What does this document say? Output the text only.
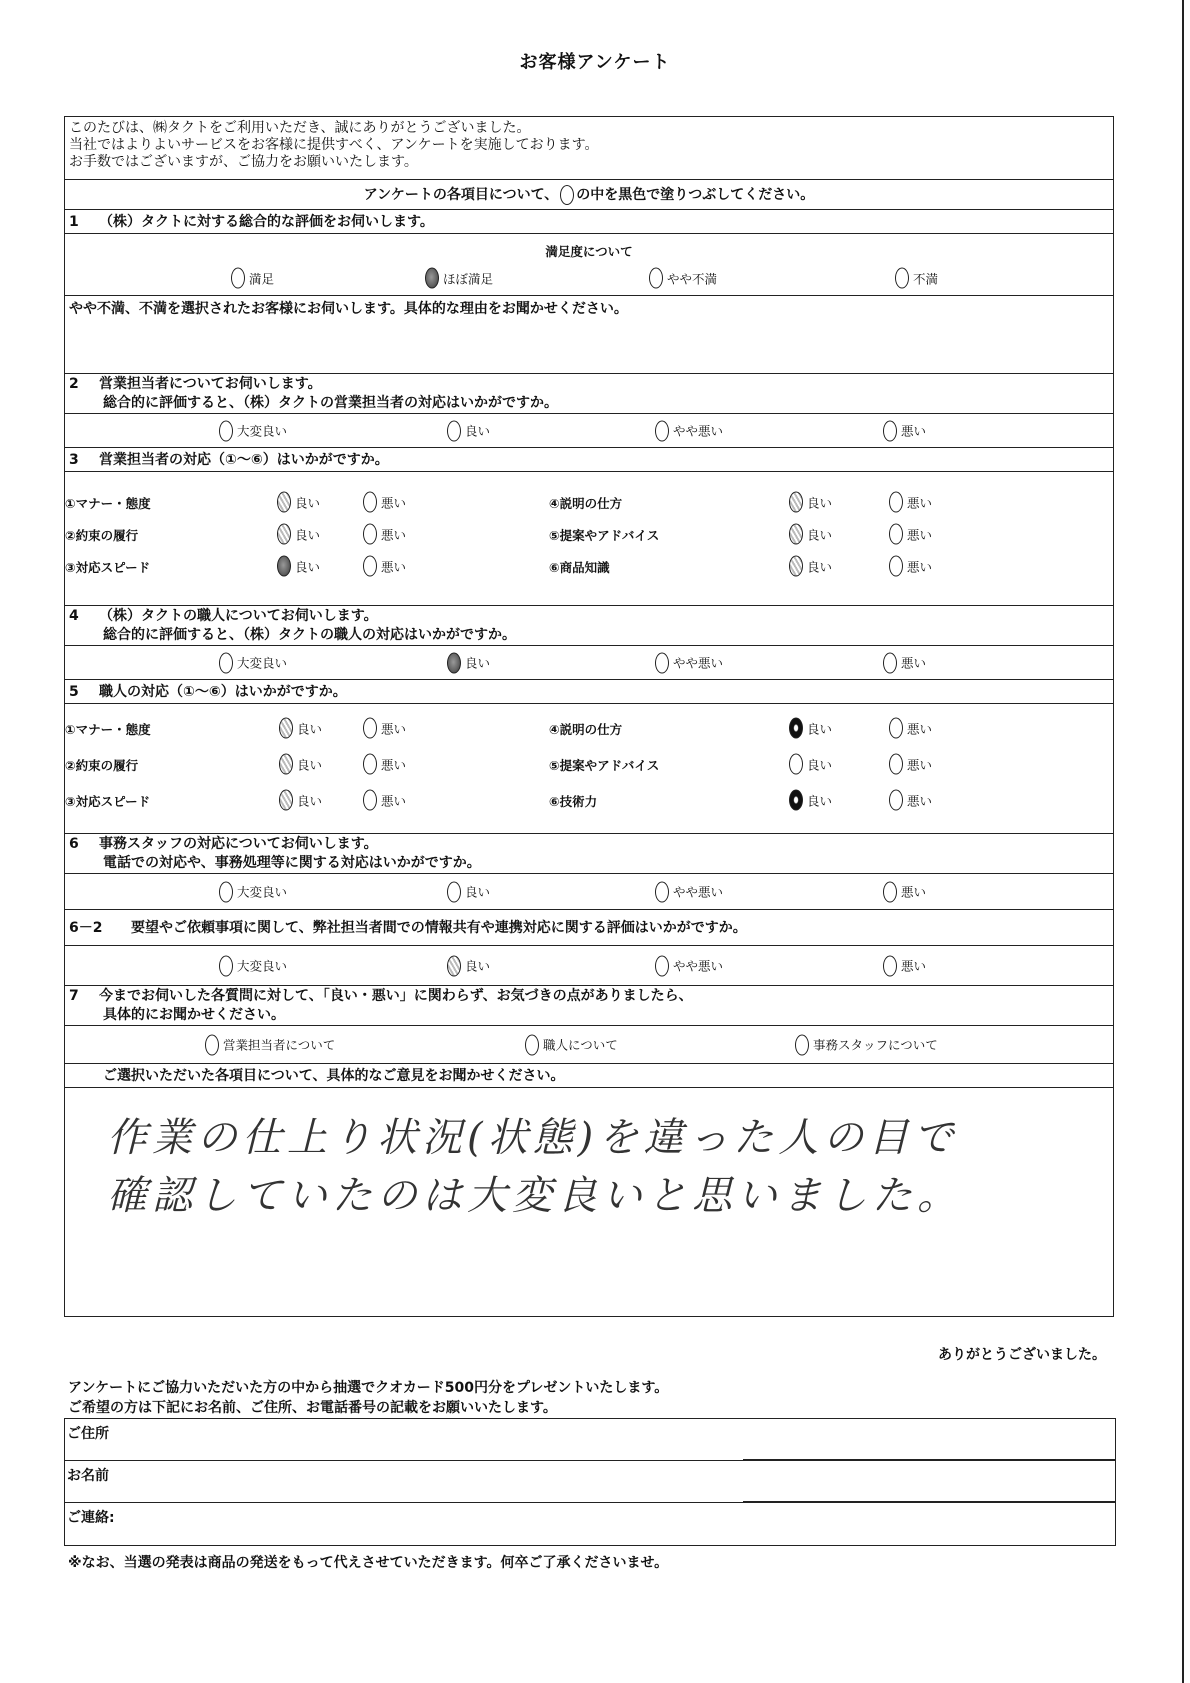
お客様アンケート
このたびは、㈱タクトをご利用いただき、誠にありがとうございました。
当社ではよりよいサービスをお客様に提供すべく、アンケートを実施しております。
お手数ではございますが、ご協力をお願いいたします。
アンケートの各項目について、 の中を黒色で塗りつぶしてください。
1 （株）タクトに対する総合的な評価をお伺いします。
満足度について
満足	ほぼ満足	やや不満	不満
やや不満、不満を選択されたお客様にお伺いします。具体的な理由をお聞かせください。
2 営業担当者についてお伺いします。
総合的に評価すると、（株）タクトの営業担当者の対応はいかがですか。
大変良い	良い	やや悪い	悪い
3 営業担当者の対応（①～⑥）はいかがですか。
①マナー・態度	良い	悪い
②約束の履行	良い	悪い
③対応スピード	良い	悪い
④説明の仕方	良い	悪い
⑤提案やアドバイス	良い	悪い
⑥商品知識	良い	悪い
4 （株）タクトの職人についてお伺いします。
総合的に評価すると、（株）タクトの職人の対応はいかがですか。
大変良い	良い	やや悪い	悪い
5 職人の対応（①～⑥）はいかがですか。
①マナー・態度	良い	悪い
②約束の履行	良い	悪い
③対応スピード	良い	悪い
④説明の仕方	良い	悪い
⑤提案やアドバイス	良い	悪い
⑥技術力	良い	悪い
6 事務スタッフの対応についてお伺いします。
電話での対応や、事務処理等に関する対応はいかがですか。
大変良い	良い	やや悪い	悪い
6－2 要望やご依頼事項に関して、弊社担当者間での情報共有や連携対応に関する評価はいかがですか。
大変良い	良い	やや悪い	悪い
7 今までお伺いした各質問に対して、「良い・悪い」に関わらず、お気づきの点がありましたら、
具体的にお聞かせください。
営業担当者について	職人について	事務スタッフについて
ご選択いただいた各項目について、具体的なご意見をお聞かせください。
作業の仕上り状況(状態)を違った人の目で
確認していたのは大変良いと思いました。
ありがとうございました。
アンケートにご協力いただいた方の中から抽選でクオカード500円分をプレゼントいたします。
ご希望の方は下記にお名前、ご住所、お電話番号の記載をお願いいたします。
ご住所
お名前
ご連絡:
※なお、当選の発表は商品の発送をもって代えさせていただきます。何卒ご了承くださいませ。
